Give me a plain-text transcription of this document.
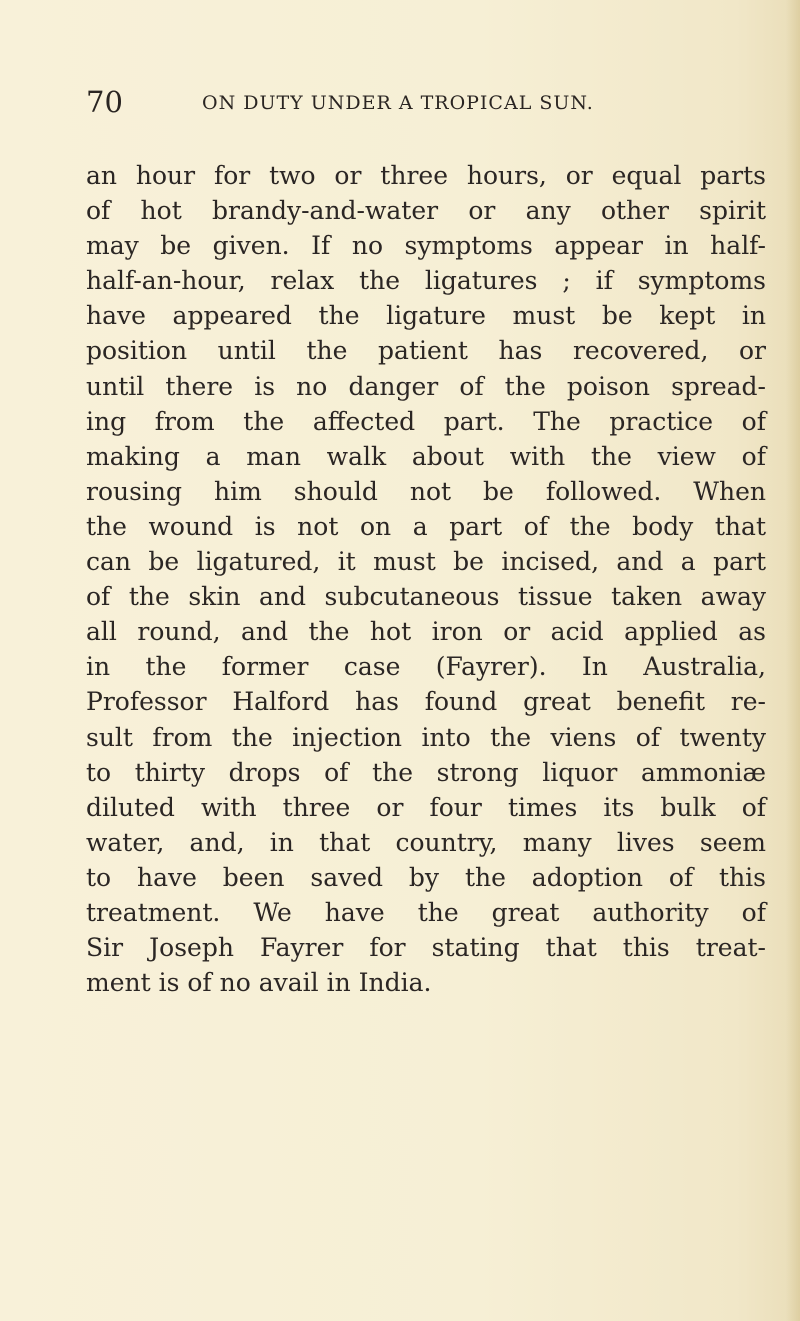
70	ON DUTY UNDER A TROPICAL SUN.
an hour for two or three hours, or equal parts
of hot brandy-and-water or any other spirit
may be given. If no symptoms appear in half-
half-an-hour, relax the ligatures ; if symptoms
have appeared the ligature must be kept in
position until the patient has recovered, or
until there is no danger of the poison spread-
ing from the affected part. The practice of
making a man walk about with the view of
rousing him should not be followed. When
the wound is not on a part of the body that
can be ligatured, it must be incised, and a part
of the skin and subcutaneous tissue taken away
all round, and the hot iron or acid applied as
in the former case (Fayrer). In Australia,
Professor Halford has found great benefit re-
sult from the injection into the viens of twenty
to thirty drops of the strong liquor ammoniæ
diluted with three or four times its bulk of
water, and, in that country, many lives seem
to have been saved by the adoption of this
treatment. We have the great authority of
Sir Joseph Fayrer for stating that this treat-
ment is of no avail in India.
